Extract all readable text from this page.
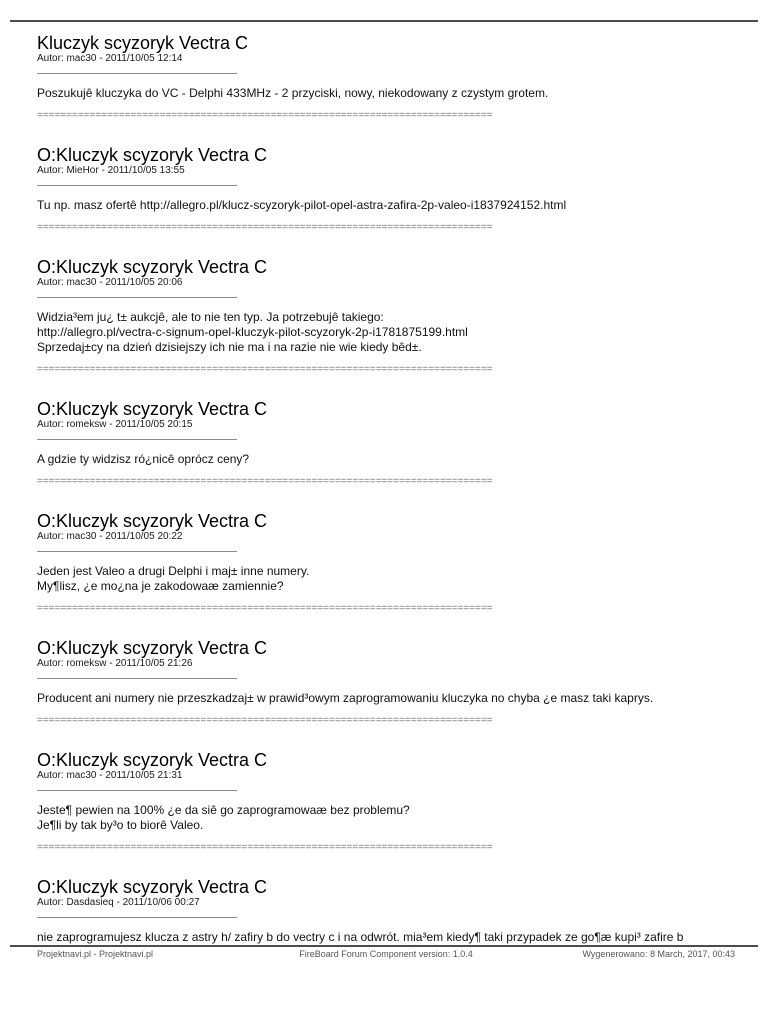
Kluczyk scyzoryk Vectra C
Autor: mac30 - 2011/10/05 12:14
Poszukujê kluczyka do VC - Delphi 433MHz - 2 przyciski, nowy, niekodowany z czystym grotem.
==============================================================================
O:Kluczyk scyzoryk Vectra C
Autor: MieHor - 2011/10/05 13:55
Tu np. masz ofertê http://allegro.pl/klucz-scyzoryk-pilot-opel-astra-zafira-2p-valeo-i1837924152.html
==============================================================================
O:Kluczyk scyzoryk Vectra C
Autor: mac30 - 2011/10/05 20:06
Widzia³em ju¿ t± aukcjê, ale to nie ten typ. Ja potrzebujê takiego:
http://allegro.pl/vectra-c-signum-opel-kluczyk-pilot-scyzoryk-2p-i1781875199.html
Sprzedaj±cy na dzień dzisiejszy ich nie ma i na razie nie wie kiedy bêd±.
==============================================================================
O:Kluczyk scyzoryk Vectra C
Autor: romeksw - 2011/10/05 20:15
A gdzie ty widzisz ró¿nicê oprócz ceny?
==============================================================================
O:Kluczyk scyzoryk Vectra C
Autor: mac30 - 2011/10/05 20:22
Jeden jest Valeo a drugi Delphi i maj± inne numery.
My¶lisz, ¿e mo¿na je zakodowaæ zamiennie?
==============================================================================
O:Kluczyk scyzoryk Vectra C
Autor: romeksw - 2011/10/05 21:26
Producent ani numery nie przeszkadzaj± w prawid³owym zaprogramowaniu kluczyka no chyba ¿e masz taki kaprys.
==============================================================================
O:Kluczyk scyzoryk Vectra C
Autor: mac30 - 2011/10/05 21:31
Jeste¶ pewien na 100% ¿e da siê go zaprogramowaæ bez problemu?
Je¶li by tak by³o to biorê Valeo.
==============================================================================
O:Kluczyk scyzoryk Vectra C
Autor: Dasdasieq - 2011/10/06 00:27
nie zaprogramujesz klucza z astry h/ zafiry b do vectry c i na odwrót. mia³em kiedy¶ taki przypadek ze go¶æ kupi³ zafire b
Projektnavi.pl - Projektnavi.pl	FireBoard Forum Component version: 1.0.4	Wygenerowano: 8 March, 2017, 00:43
